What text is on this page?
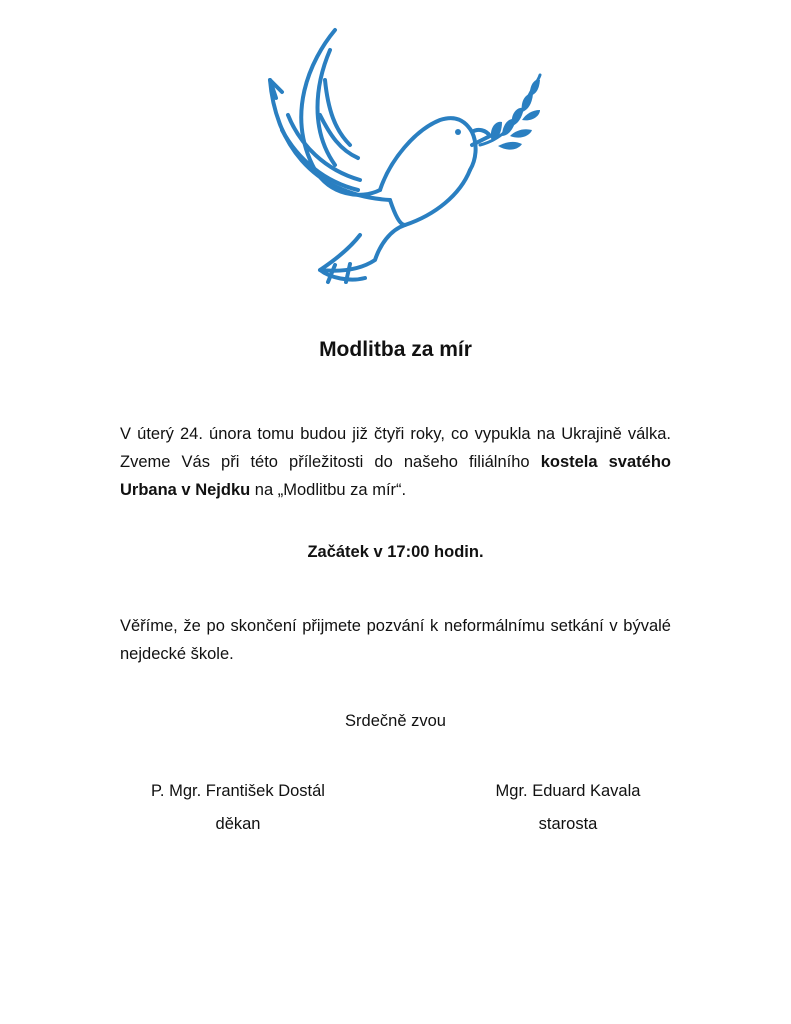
Modlitba za mír
V úterý 24. února tomu budou již čtyři roky, co vypukla na Ukrajině válka. Zveme Vás při této příležitosti do našeho filiálního kostela svatého Urbana v Nejdku na „Modlitbu za mír“.
Začátek v 17:00 hodin.
Věříme, že po skončení přijmete pozvání k neformálnímu setkání v bývalé nejdecké škole.
Srdečně zvou
P. Mgr. František Dostál
děkan
Mgr. Eduard Kavala
starosta
